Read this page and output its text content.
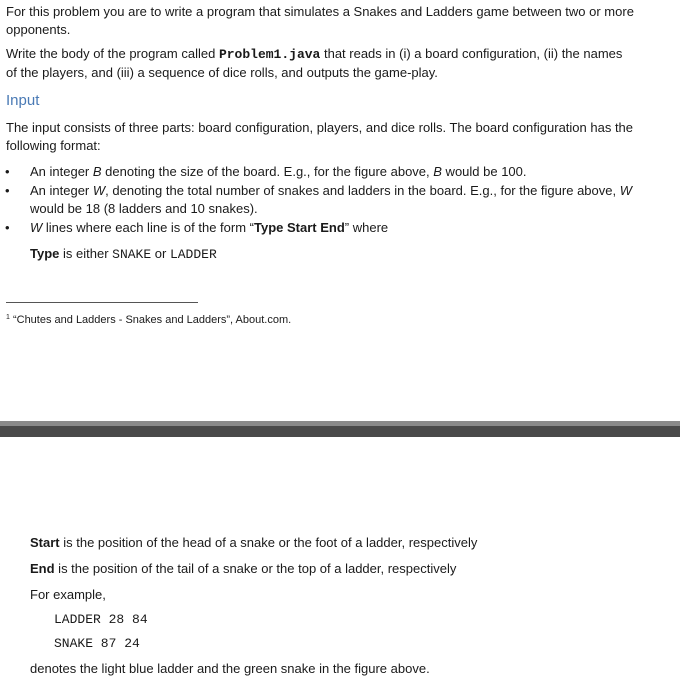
For this problem you are to write a program that simulates a Snakes and Ladders game between two or more opponents.

Write the body of the program called Problem1.java that reads in (i) a board configuration, (ii) the names of the players, and (iii) a sequence of dice rolls, and outputs the game-play.

Input

The input consists of three parts: board configuration, players, and dice rolls. The board configuration has the following format:

• An integer B denoting the size of the board. E.g., for the figure above, B would be 100.
• An integer W, denoting the total number of snakes and ladders in the board. E.g., for the figure above, W would be 18 (8 ladders and 10 snakes).
• W lines where each line is of the form “Type Start End” where

Type is either SNAKE or LADDER

$^1$ “Chutes and Ladders - Snakes and Ladders”, About.com.

Start is the position of the head of a snake or the foot of a ladder, respectively

End is the position of the tail of a snake or the top of a ladder, respectively

For example,

LADDER 28 84

SNAKE 87 24

denotes the light blue ladder and the green snake in the figure above.
